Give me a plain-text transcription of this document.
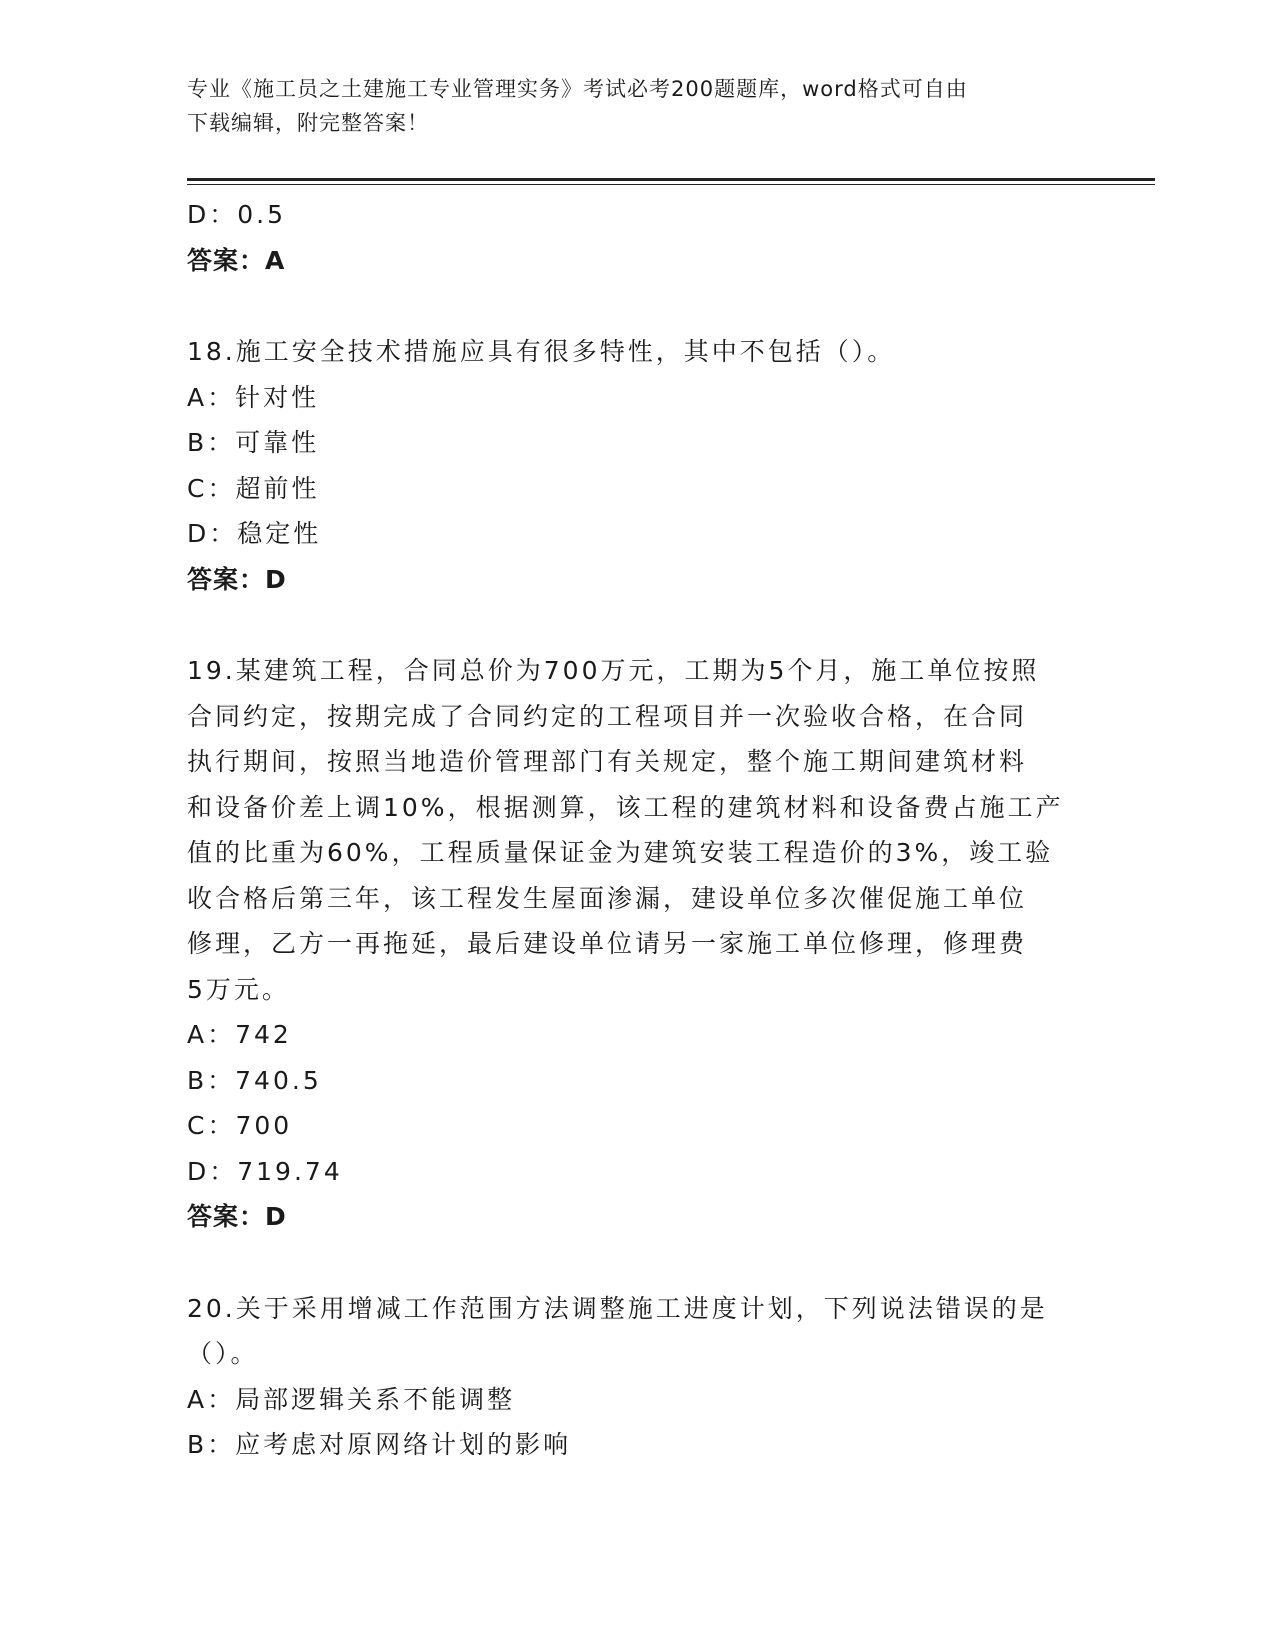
专业《施工员之土建施工专业管理实务》考试必考200题题库，word格式可自由
下载编辑，附完整答案！
D：0.5
答案：A
18.施工安全技术措施应具有很多特性，其中不包括（）。
A：针对性
B：可靠性
C：超前性
D：稳定性
答案：D
19.某建筑工程，合同总价为700万元，工期为5个月，施工单位按照
合同约定，按期完成了合同约定的工程项目并一次验收合格，在合同
执行期间，按照当地造价管理部门有关规定，整个施工期间建筑材料
和设备价差上调10%，根据测算，该工程的建筑材料和设备费占施工产
值的比重为60%，工程质量保证金为建筑安装工程造价的3%，竣工验
收合格后第三年，该工程发生屋面渗漏，建设单位多次催促施工单位
修理，乙方一再拖延，最后建设单位请另一家施工单位修理，修理费
5万元。
A：742
B：740.5
C：700
D：719.74
答案：D
20.关于采用增减工作范围方法调整施工进度计划，下列说法错误的是
（）。
A：局部逻辑关系不能调整
B：应考虑对原网络计划的影响
